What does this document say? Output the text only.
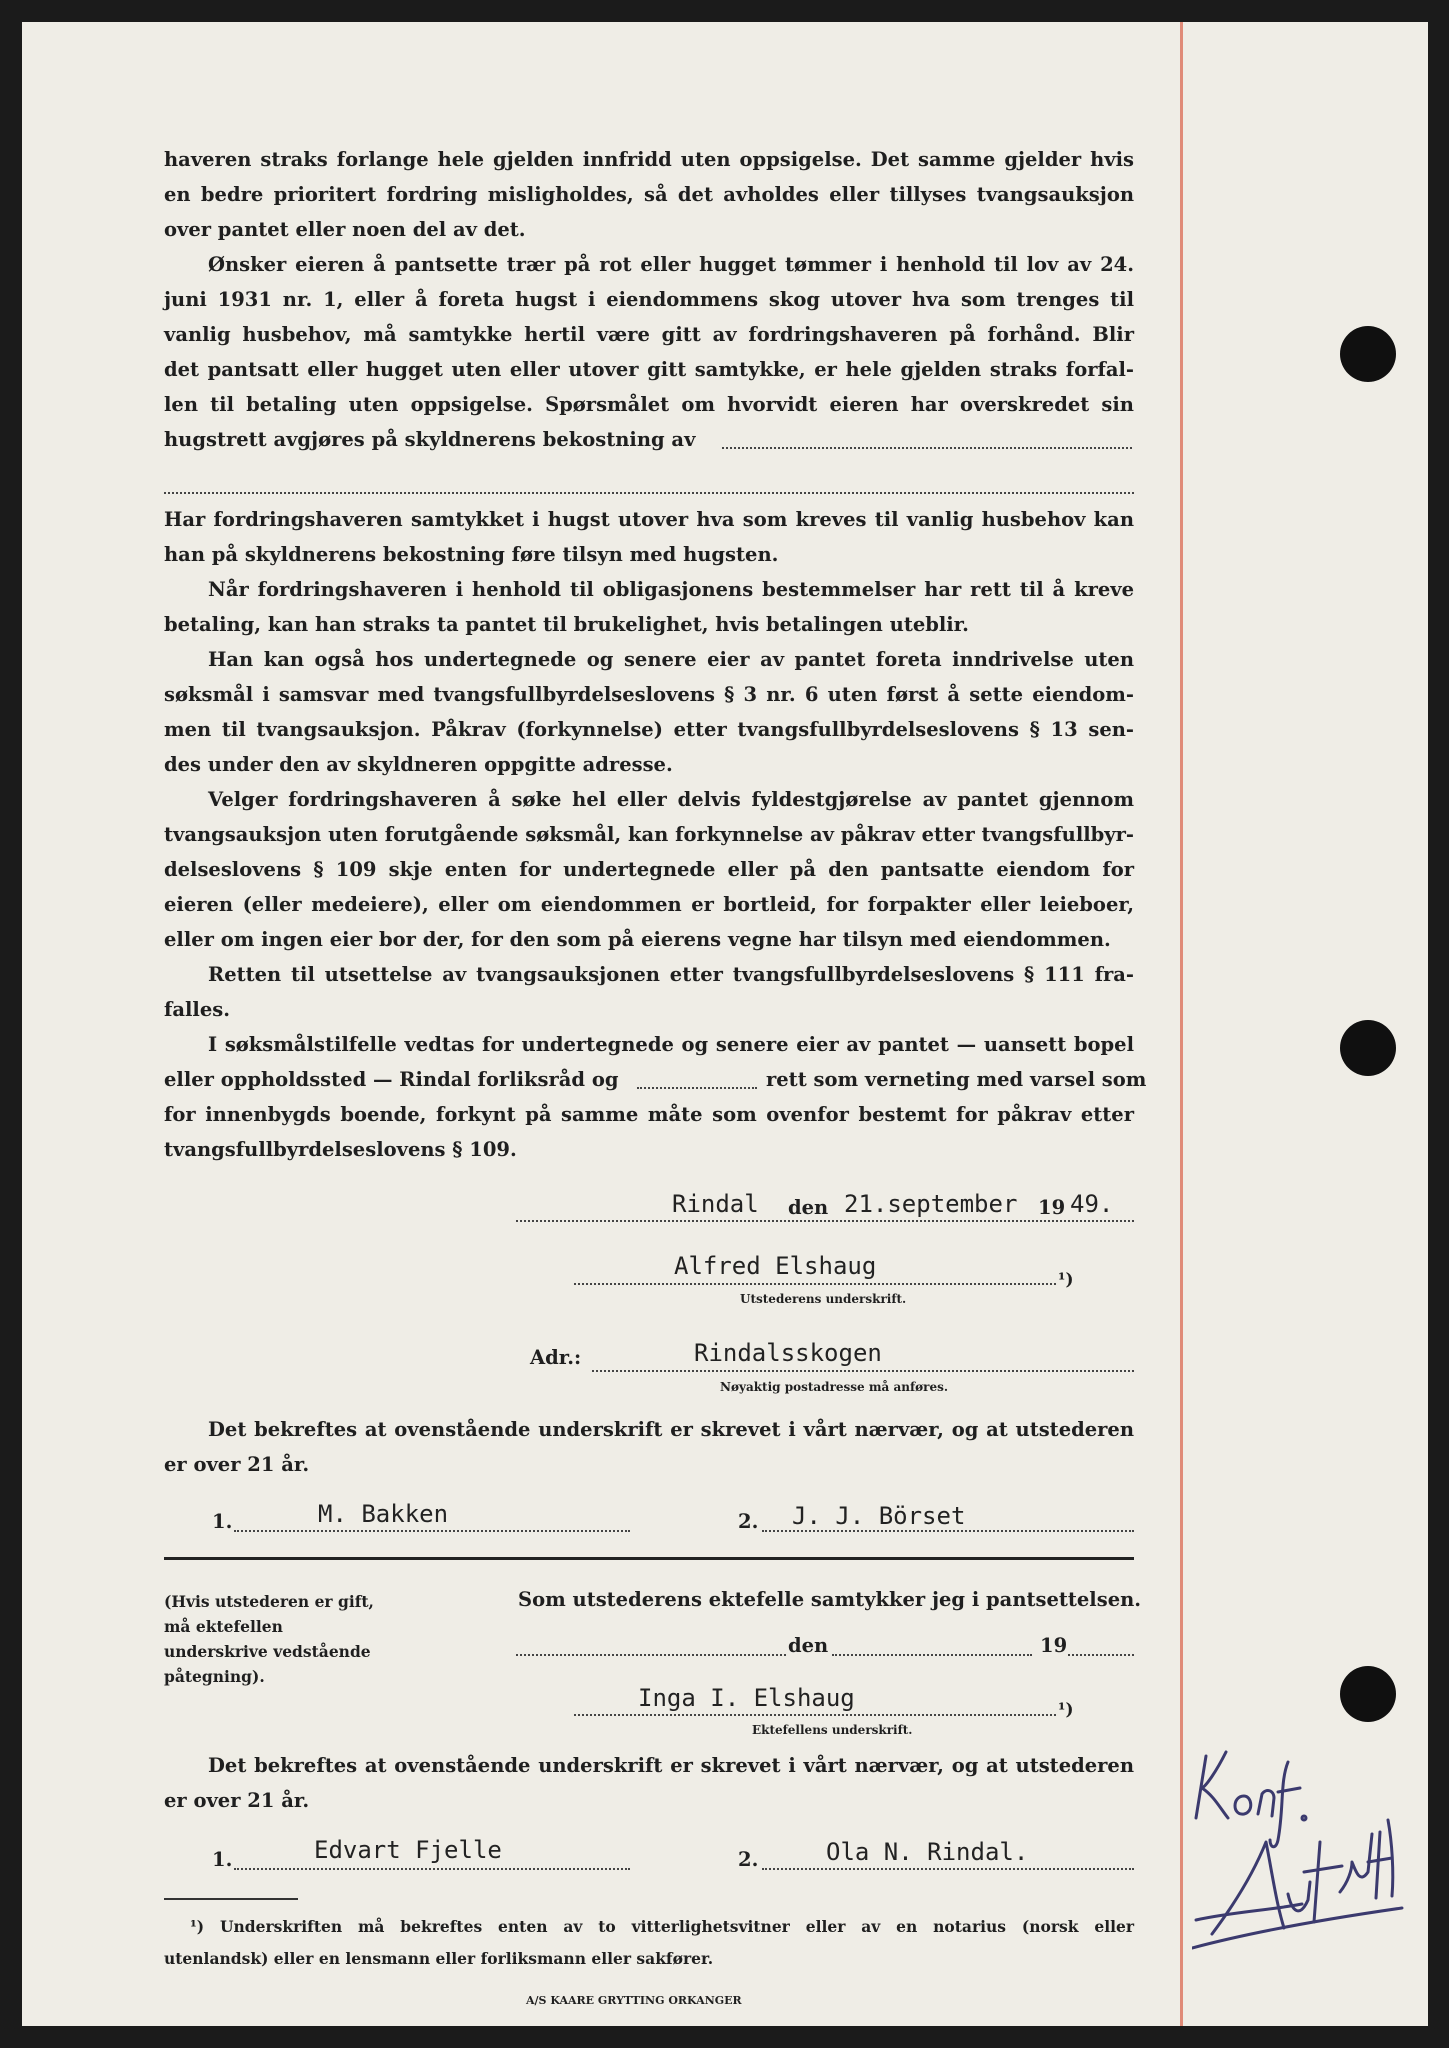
haveren straks forlange hele gjelden innfridd uten oppsigelse. Det samme gjelder hvis
en bedre prioritert fordring misligholdes, så det avholdes eller tillyses tvangsauksjon
over pantet eller noen del av det.
Ønsker eieren å pantsette trær på rot eller hugget tømmer i henhold til lov av 24.
juni 1931 nr. 1, eller å foreta hugst i eiendommens skog utover hva som trenges til
vanlig husbehov, må samtykke hertil være gitt av fordringshaveren på forhånd. Blir
det pantsatt eller hugget uten eller utover gitt samtykke, er hele gjelden straks forfal-
len til betaling uten oppsigelse. Spørsmålet om hvorvidt eieren har overskredet sin
hugstrett avgjøres på skyldnerens bekostning av
Har fordringshaveren samtykket i hugst utover hva som kreves til vanlig husbehov kan
han på skyldnerens bekostning føre tilsyn med hugsten.
Når fordringshaveren i henhold til obligasjonens bestemmelser har rett til å kreve
betaling, kan han straks ta pantet til brukelighet, hvis betalingen uteblir.
Han kan også hos undertegnede og senere eier av pantet foreta inndrivelse uten
søksmål i samsvar med tvangsfullbyrdelseslovens § 3 nr. 6 uten først å sette eiendom-
men til tvangsauksjon. Påkrav (forkynnelse) etter tvangsfullbyrdelseslovens § 13 sen-
des under den av skyldneren oppgitte adresse.
Velger fordringshaveren å søke hel eller delvis fyldestgjørelse av pantet gjennom
tvangsauksjon uten forutgående søksmål, kan forkynnelse av påkrav etter tvangsfullbyr-
delseslovens § 109 skje enten for undertegnede eller på den pantsatte eiendom for
eieren (eller medeiere), eller om eiendommen er bortleid, for forpakter eller leieboer,
eller om ingen eier bor der, for den som på eierens vegne har tilsyn med eiendommen.
Retten til utsettelse av tvangsauksjonen etter tvangsfullbyrdelseslovens § 111 fra-
falles.
I søksmålstilfelle vedtas for undertegnede og senere eier av pantet — uansett bopel
eller oppholdssted — Rindal forliksråd og	rett som verneting med varsel som
for innenbygds boende, forkynt på samme måte som ovenfor bestemt for påkrav etter
tvangsfullbyrdelseslovens § 109.
Rindal den 21.september 19 49.
Alfred Elshaug	¹)
Utstederens underskrift.
Adr.:	Rindalsskogen
Nøyaktig postadresse må anføres.
Det bekreftes at ovenstående underskrift er skrevet i vårt nærvær, og at utstederen
er over 21 år.
1.	M. Bakken	2. J. J. Börset
(Hvis utstederen er gift, må ektefellen underskrive vedstående påtegning).
Som utstederens ektefelle samtykker jeg i pantsettelsen.
den	19
Inga I. Elshaug	¹)
Ektefellens underskrift.
Det bekreftes at ovenstående underskrift er skrevet i vårt nærvær, og at utstederen
er over 21 år.
1.	Edvart Fjelle	2.	Ola N. Rindal.
¹) Underskriften må bekreftes enten av to vitterlighetsvitner eller av en notarius (norsk eller
utenlandsk) eller en lensmann eller forliksmann eller sakfører.
A/S KAARE GRYTTING ORKANGER
